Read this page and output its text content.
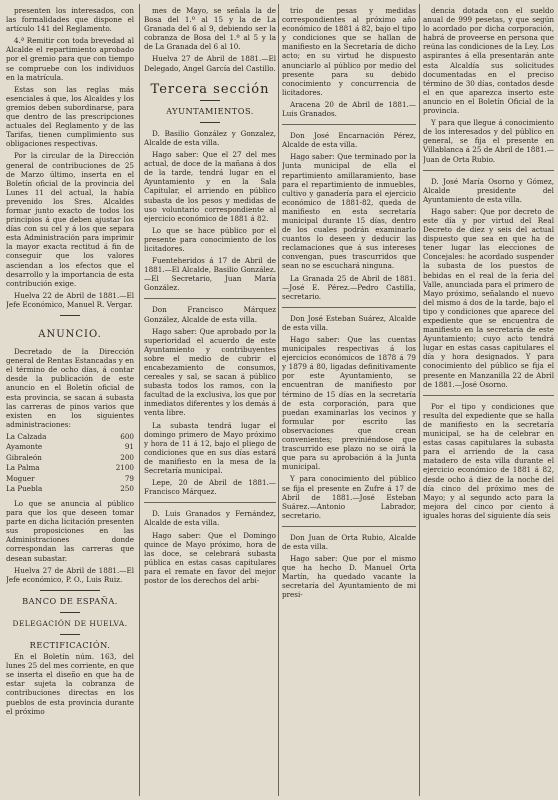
presenten los interesados, con las formalidades que dispone el artículo 141 del Reglamento.

4.ª Remitir con toda brevedad al Alcalde el repartimiento aprobado por el gremio para que con tiempo se compruebe con los individuos en la matrícula.

Estas son las reglas más esenciales á que, los Alcaldes y los gremios deben subordinarse, para que dentro de las prescripciones actuales del Reglamento y de las Tarifas, tienen cumplimiento sus obligaciones respectivas.

Por la circular de la Dirección general de contribuciones de 25 de Marzo último, inserta en el Boletín oficial de la provincia del Lunes 11 del actual, la había prevenido los Sres. Alcaldes formar junto exacto de todos los principios á que deben ajustar los días con su cel y á los que separa esta Administración para imprimir la mayor exacta rectitud á fin de conseguir que los valores asciendan a los efectos que el desarrollo y la importancia de esta contribución exige.

Huelva 22 de Abril de 1881.—El Jefe Económico, Manuel R. Vergar.

ANUNCIO.

Decretado de la Dirección general de Rentas Estancadas y en el término de ocho días, á contar desde la publicación de este anuncio en el Boletín oficial de esta provincia, se sacan á subasta las carreras de pinos varios que existen en los siguientes administraciones:

La Calzada	600
Ayamonte	91
Gibraleón	200
La Palma	2100
Moguer	79
La Puebla	250

Lo que se anuncia al público para que los que deseen tomar parte en dicha licitación presenten sus proposiciones en las Administraciones donde correspondan las carreras que desean subastar.

Huelva 27 de Abril de 1881.—El Jefe económico, P. O., Luis Ruiz.

BANCO DE ESPAÑA.
DELEGACIÓN DE HUELVA.
RECTIFICACIÓN.

En el Boletín núm. 163, del lunes 25 del mes corriente, en que se inserta el diseño en que ha de estar sujeta la cobranza de contribuciones directas en los pueblos de esta provincia durante el próximo

mes de Mayo, se señala la de Bosa del 1.º al 15 y la de La Granada del 6 al 9, debiendo ser la cobranza de Bosa del 1.º al 5 y la de La Granada del 6 al 10.

Huelva 27 de Abril de 1881.—El Delegado, Angel García del Castillo.

Tercera sección
AYUNTAMIENTOS.

D. Basilio González y Gonzalez, Alcalde de esta villa.

Hago saber: Que el 27 del mes actual, de doce de la mañana á dos de la tarde, tendrá lugar en el Ayuntamiento y en la Sala Capitular, el arriendo en público subasta de los pesos y medidas de uso voluntario correspondiente al ejercicio económico de 1881 á 82.

Lo que se hace público por el presente para conocimiento de los licitadores.

Fuenteheridos á 17 de Abril de 1881.—El Alcalde, Basilio González.—El Secretario, Juan María González.

Don Francisco Márquez González, Alcalde de esta villa.

Hago saber: Que aprobado por la superioridad el acuerdo de este Ayuntamiento y contribuyentes sobre el medio de cubrir el encabezamiento de consumos, cereales y sal, se sacan á público subasta todos los ramos, con la facultad de la exclusiva, los que por inmediatos diferentes y los demás á venta libre.

La subasta tendrá lugar el domingo primero de Mayo próximo y hora de 11 á 12, bajo el pliego de condiciones que en sus días estará de manifiesto en la mesa de la Secretaría municipal.

Lepe, 20 de Abril de 1881.—Francisco Márquez.

D. Luis Granados y Fernández, Alcalde de esta villa.

Hago saber: Que el Domingo quince de Mayo próximo, hora de las doce, se celebrará subasta pública en estas casas capitulares para el remate en favor del mejor postor de los derechos del arbi-

trio de pesas y medidas correspondientes al próximo año económico de 1881 á 82, bajo el tipo y condiciones que se hallan de manifiesto en la Secretaría de dicho acto; en su virtud he dispuesto anunciarlo al público por medio del presente para su debido conocimiento y concurrencia de licitadores.

Aracena 20 de Abril de 1881.—Luis Granados.

Don José Encarnación Pérez, Alcalde de esta villa.

Hago saber: Que terminado por la Junta municipal de ella el repartimiento amillaramiento, base para el repartimiento de inmuebles, cultivo y ganadería para el ejercicio económico de 1881-82, queda de manifiesto en esta secretaría municipal durante 15 días, dentro de los cuales podrán examinarlo cuantos lo deseen y deducir las reclamaciones que á sus intereses convengan, pues trascurridos que sean no se escuchará ninguna.

La Granada 25 de Abril de 1881.—José E. Pérez.—Pedro Castilla, secretario.

Don José Esteban Suárez, Alcalde de esta villa.

Hago saber: Que las cuentas municipales respectivas á los ejercicios económicos de 1878 á 79 y 1879 á 80, ligadas definitivamente por este Ayuntamiento, se encuentran de manifiesto por término de 15 días en la secretaría de esta corporación, para que puedan examinarlas los vecinos y formular por escrito las observaciones que crean convenientes; previniéndose que trascurrido ese plazo no se oirá la que para su aprobación á la Junta municipal.

Y para conocimiento del público se fija el presente en Zufre á 17 de Abril de 1881.—José Esteban Suárez.—Antonio Labrador, secretario.

Don Juan de Orta Rubio, Alcalde de esta villa.

Hago saber: Que por el mismo que ha hecho D. Manuel Orta Martín, ha quedado vacante la secretaría del Ayuntamiento de mi presi-

dencia dotada con el sueldo anual de 999 pesetas, y que según lo acordado por dicha corporación, habrá de proveerse en persona que reúna las condiciones de la Ley. Los aspirantes á ella presentarán ante esta Alcaldía sus solicitudes documentadas en el preciso término de 30 días, contados desde el en que aparezca inserto este anuncio en el Boletín Oficial de la provincia.

Y para que llegue á conocimiento de los interesados y del público en general, se fija el presente en Villablanca á 25 de Abril de 1881.—Juan de Orta Rubio.

D. José María Osorno y Gómez, Alcalde presidente del Ayuntamiento de esta villa.

Hago saber: Que por decreto de este día y por virtud del Real Decreto de diez y seis del actual dispuesto que sea en que ha de tener lugar las elecciones de Concejales: he acordado suspender la subasta de los puestos de bebidas en el real de la feria del Valle, anunciada para el primero de Mayo próximo, señalando el nuevo del mismo á dos de la tarde, bajo el tipo y condiciones que aparece del expediente que se encuentra de manifiesto en la secretaría de este Ayuntamiento; cuyo acto tendrá lugar en estas casas capitulares el día y hora designados. Y para conocimiento del público se fija el presente en Manzanilla 22 de Abril de 1881.—José Osorno.

Por el tipo y condiciones que resulta del expediente que se halla de manifiesto en la secretaría municipal, se ha de celebrar en estas casas capitulares la subasta para el arriendo de la casa matadero de esta villa durante el ejercicio económico de 1881 á 82, desde ocho á diez de la noche del día cinco del próximo mes de Mayo; y al segundo acto para la mejora del cinco por ciento á iguales horas del siguiente día seis
